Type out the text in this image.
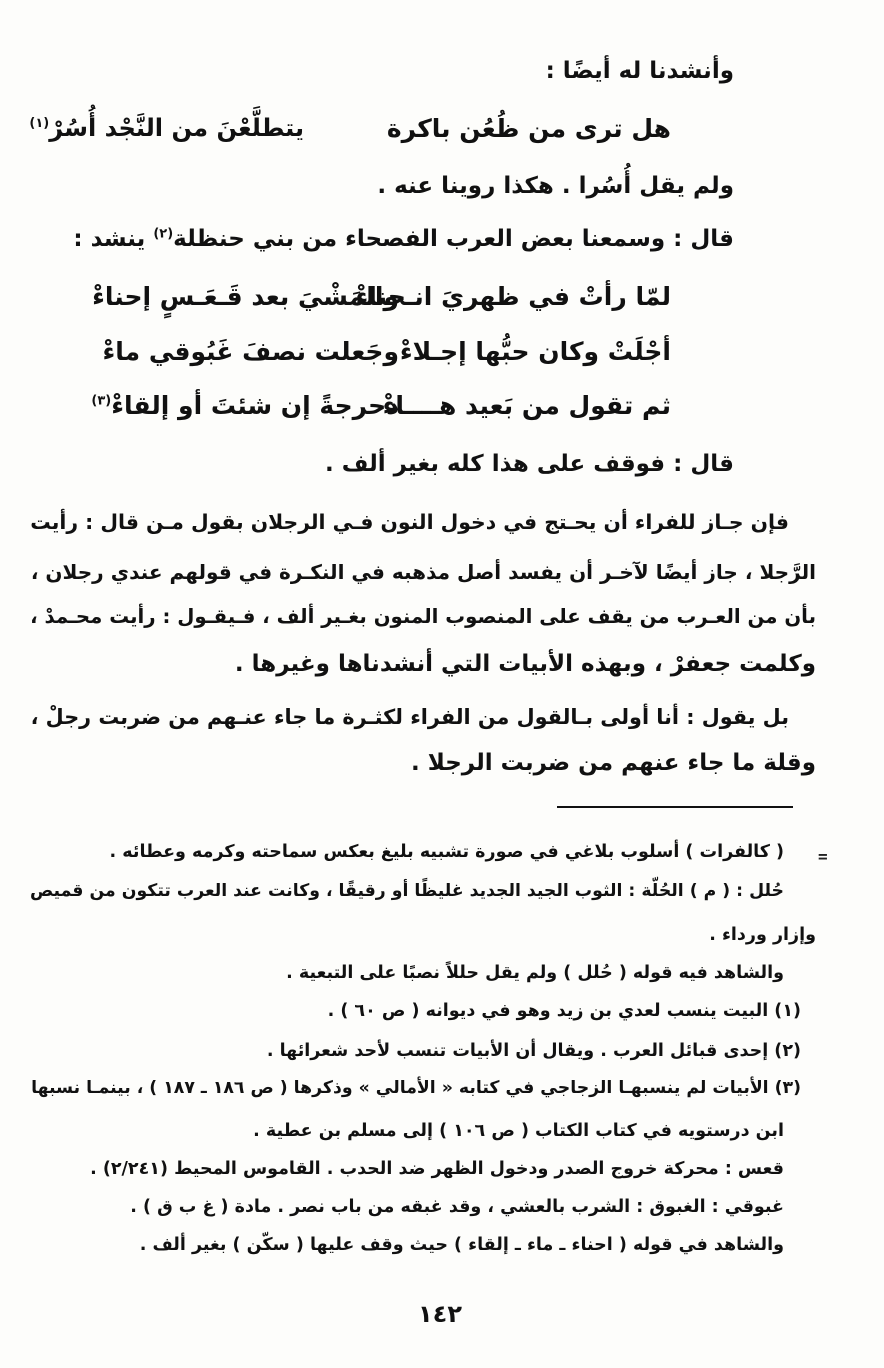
وأنشدنا له أيضًا :
هل ترى من ظُعُن باكرة
يتطلَّعْنَ من النَّجْد أُسُرْ$^{(١)}$
ولم يقل أُسُرا . هكذا روينا عنه .
قال : وسمعنا بعض العرب الفصحاء من بني حنظلة$^{(٢)}$ ينشد :
لمّا رأتْ في ظهريَ انـحناءْ
والمَشْيَ بعد قَـعَـسٍ إحناءْ
أجْلَتْ وكان حبُّها إجـلاءْ
وجَعلت نصفَ غَبُوقي ماءْ
ثم تقول من بَعيد هــــاءْ
دحرجةً إن شئتَ أو إلقاءْ$^{(٣)}$
قال : فوقف على هذا كله بغير ألف .
فإن جـاز للفراء أن يحـتج في دخول النون فـي الرجلان بقول مـن قال : رأيت
الرَّجلا ، جاز أيضًا لآخـر أن يفسد أصل مذهبه في النكـرة في قولهم عندي رجلان ،
بأن من العـرب من يقف على المنصوب المنون بغـير ألف ، فـيقـول : رأيت محـمدْ ،
وكلمت جعفرْ ، وبهذه الأبيات التي أنشدناها وغيرها .
بل يقول : أنا أولى بـالقول من الفراء لكثـرة ما جاء عنـهم من ضربت رجلْ ،
وقلة ما جاء عنهم من ضربت الرجلا .
=
( كالفرات ) أسلوب بلاغي في صورة تشبيه بليغ بعكس سماحته وكرمه وعطائه .
حُلل : ( م ) الحُلّة : الثوب الجيد الجديد غليظًا أو رقيقًا ، وكانت عند العرب تتكون من قميص
وإزار ورداء .
والشاهد فيه قوله ( حُلل ) ولم يقل حللاً نصبًا على التبعية .
(١) البيت ينسب لعدي بن زيد وهو في ديوانه ( ص ٦٠ ) .
(٢) إحدى قبائل العرب . ويقال أن الأبيات تنسب لأحد شعرائها .
(٣) الأبيات لم ينسبهـا الزجاجي في كتابه « الأمالي » وذكرها ( ص ١٨٦ ـ ١٨٧ ) ، بينمـا نسبها
ابن درستويه في كتاب الكتاب ( ص ١٠٦ ) إلى مسلم بن عطية .
قعس : محركة خروج الصدر ودخول الظهر ضد الحدب . القاموس المحيط (٢/٢٤١) .
غبوقي : الغبوق : الشرب بالعشي ، وقد غبقه من باب نصر . مادة ( غ ب ق ) .
والشاهد في قوله ( احناء ـ ماء ـ إلقاء ) حيث وقف عليها ( سكّن ) بغير ألف .
١٤٢
